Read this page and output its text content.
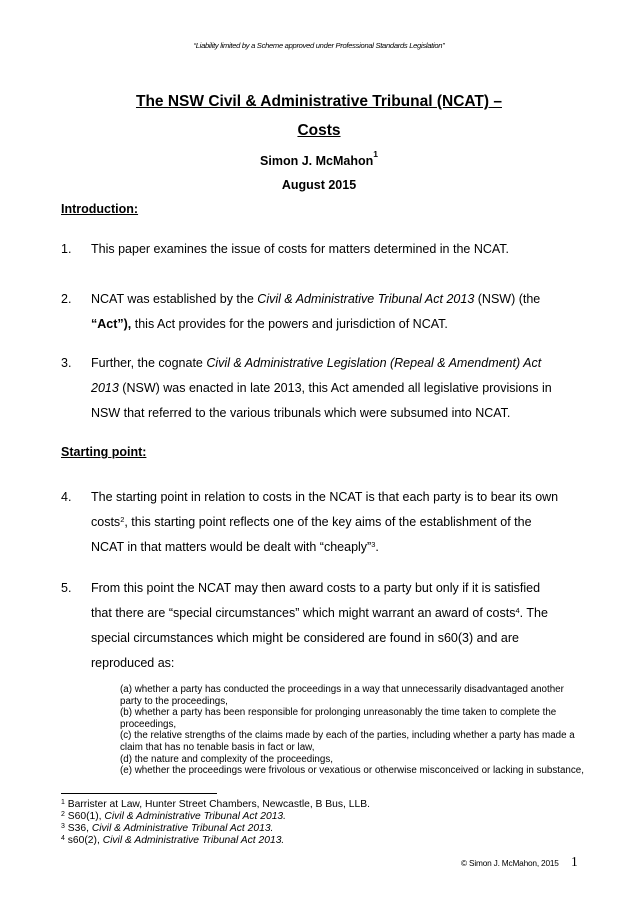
“Liability limited by a Scheme approved under Professional Standards Legislation”
The NSW Civil & Administrative Tribunal (NCAT) –
Costs
Simon J. McMahon$^1$
August 2015
Introduction:
1. This paper examines the issue of costs for matters determined in the NCAT.
2. NCAT was established by the Civil & Administrative Tribunal Act 2013 (NSW) (the
“Act”), this Act provides for the powers and jurisdiction of NCAT.
3. Further, the cognate Civil & Administrative Legislation (Repeal & Amendment) Act
2013 (NSW) was enacted in late 2013, this Act amended all legislative provisions in
NSW that referred to the various tribunals which were subsumed into NCAT.
Starting point:
4. The starting point in relation to costs in the NCAT is that each party is to bear its own
costs$^2$, this starting point reflects one of the key aims of the establishment of the
NCAT in that matters would be dealt with “cheaply”$^3$.
5. From this point the NCAT may then award costs to a party but only if it is satisfied
that there are “special circumstances” which might warrant an award of costs$^4$. The
special circumstances which might be considered are found in s60(3) and are
reproduced as:
(a) whether a party has conducted the proceedings in a way that unnecessarily disadvantaged another party to the proceedings,
(b) whether a party has been responsible for prolonging unreasonably the time taken to complete the proceedings,
(c) the relative strengths of the claims made by each of the parties, including whether a party has made a claim that has no tenable basis in fact or law,
(d) the nature and complexity of the proceedings,
(e) whether the proceedings were frivolous or vexatious or otherwise misconceived or lacking in substance,
$^1$ Barrister at Law, Hunter Street Chambers, Newcastle, B Bus, LLB.
$^2$ S60(1), Civil & Administrative Tribunal Act 2013.
$^3$ S36, Civil & Administrative Tribunal Act 2013.
$^4$ s60(2), Civil & Administrative Tribunal Act 2013.
© Simon J. McMahon, 2015 1
